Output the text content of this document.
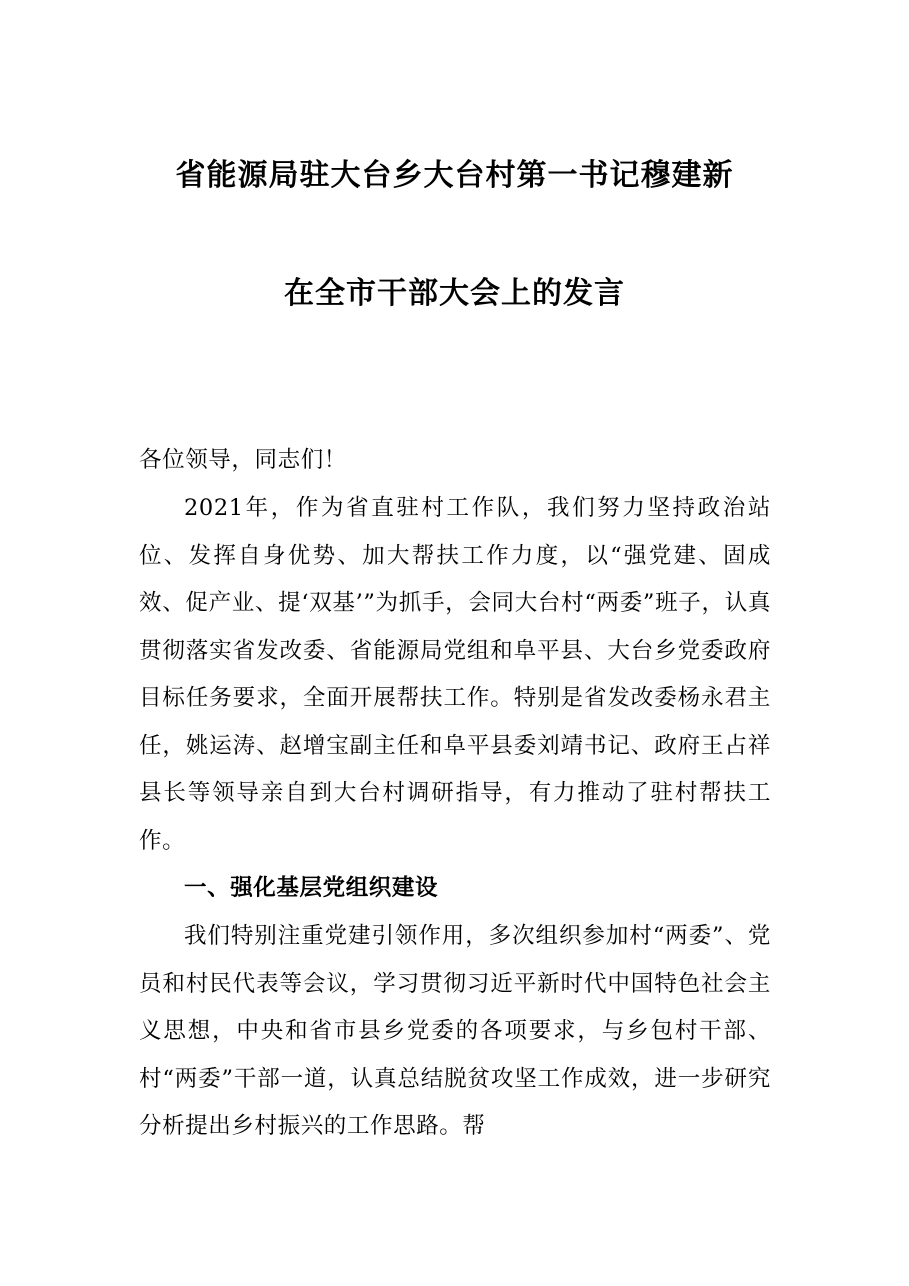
省能源局驻大台乡大台村第一书记穆建新
在全市干部大会上的发言
各位领导，同志们！
2021年，作为省直驻村工作队，我们努力坚持政治站位、发挥自身优势、加大帮扶工作力度，以“强党建、固成效、促产业、提‘双基’”为抓手，会同大台村“两委”班子，认真贯彻落实省发改委、省能源局党组和阜平县、大台乡党委政府目标任务要求，全面开展帮扶工作。特别是省发改委杨永君主任，姚运涛、赵增宝副主任和阜平县委刘靖书记、政府王占祥县长等领导亲自到大台村调研指导，有力推动了驻村帮扶工作。
一、强化基层党组织建设
我们特别注重党建引领作用，多次组织参加村“两委”、党员和村民代表等会议，学习贯彻习近平新时代中国特色社会主义思想，中央和省市县乡党委的各项要求，与乡包村干部、村“两委”干部一道，认真总结脱贫攻坚工作成效，进一步研究分析提出乡村振兴的工作思路。帮
